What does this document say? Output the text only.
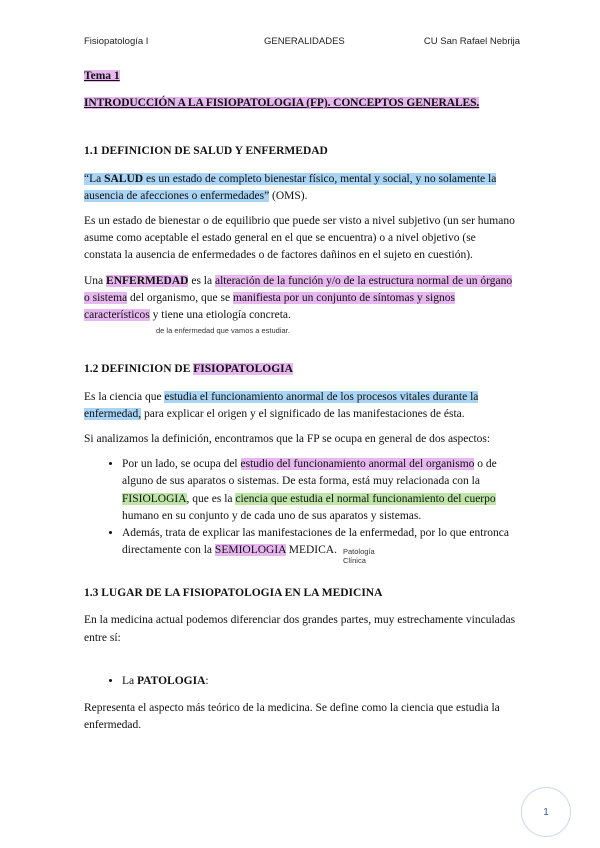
Fisiopatología I	GENERALIDADES	CU San Rafael Nebrija

Tema 1

INTRODUCCIÓN A LA FISIOPATOLOGIA (FP). CONCEPTOS GENERALES.

1.1 DEFINICION DE SALUD Y ENFERMEDAD

“La SALUD es un estado de completo bienestar físico, mental y social, y no solamente la ausencia de afecciones o enfermedades” (OMS).

Es un estado de bienestar o de equilibrio que puede ser visto a nivel subjetivo (un ser humano asume como aceptable el estado general en el que se encuentra) o a nivel objetivo (se constata la ausencia de enfermedades o de factores dañinos en el sujeto en cuestión).

Una ENFERMEDAD es la alteración de la función y/o de la estructura normal de un órgano o sistema del organismo, que se manifiesta por un conjunto de síntomas y signos característicos y tiene una etiología concreta.

de la enfermedad que vamos a estudiar.

1.2 DEFINICION DE FISIOPATOLOGIA

Es la ciencia que estudia el funcionamiento anormal de los procesos vitales durante la enfermedad, para explicar el origen y el significado de las manifestaciones de ésta.

Si analizamos la definición, encontramos que la FP se ocupa en general de dos aspectos:

• Por un lado, se ocupa del estudio del funcionamiento anormal del organismo o de alguno de sus aparatos o sistemas. De esta forma, está muy relacionada con la FISIOLOGIA, que es la ciencia que estudia el normal funcionamiento del cuerpo humano en su conjunto y de cada uno de sus aparatos y sistemas.
• Además, trata de explicar las manifestaciones de la enfermedad, por lo que entronca directamente con la SEMIOLOGIA MEDICA. Patología
Clínica

1.3 LUGAR DE LA FISIOPATOLOGIA EN LA MEDICINA

En la medicina actual podemos diferenciar dos grandes partes, muy estrechamente vinculadas entre sí:

• La PATOLOGIA:

Representa el aspecto más teórico de la medicina. Se define como la ciencia que estudia la enfermedad.

1
